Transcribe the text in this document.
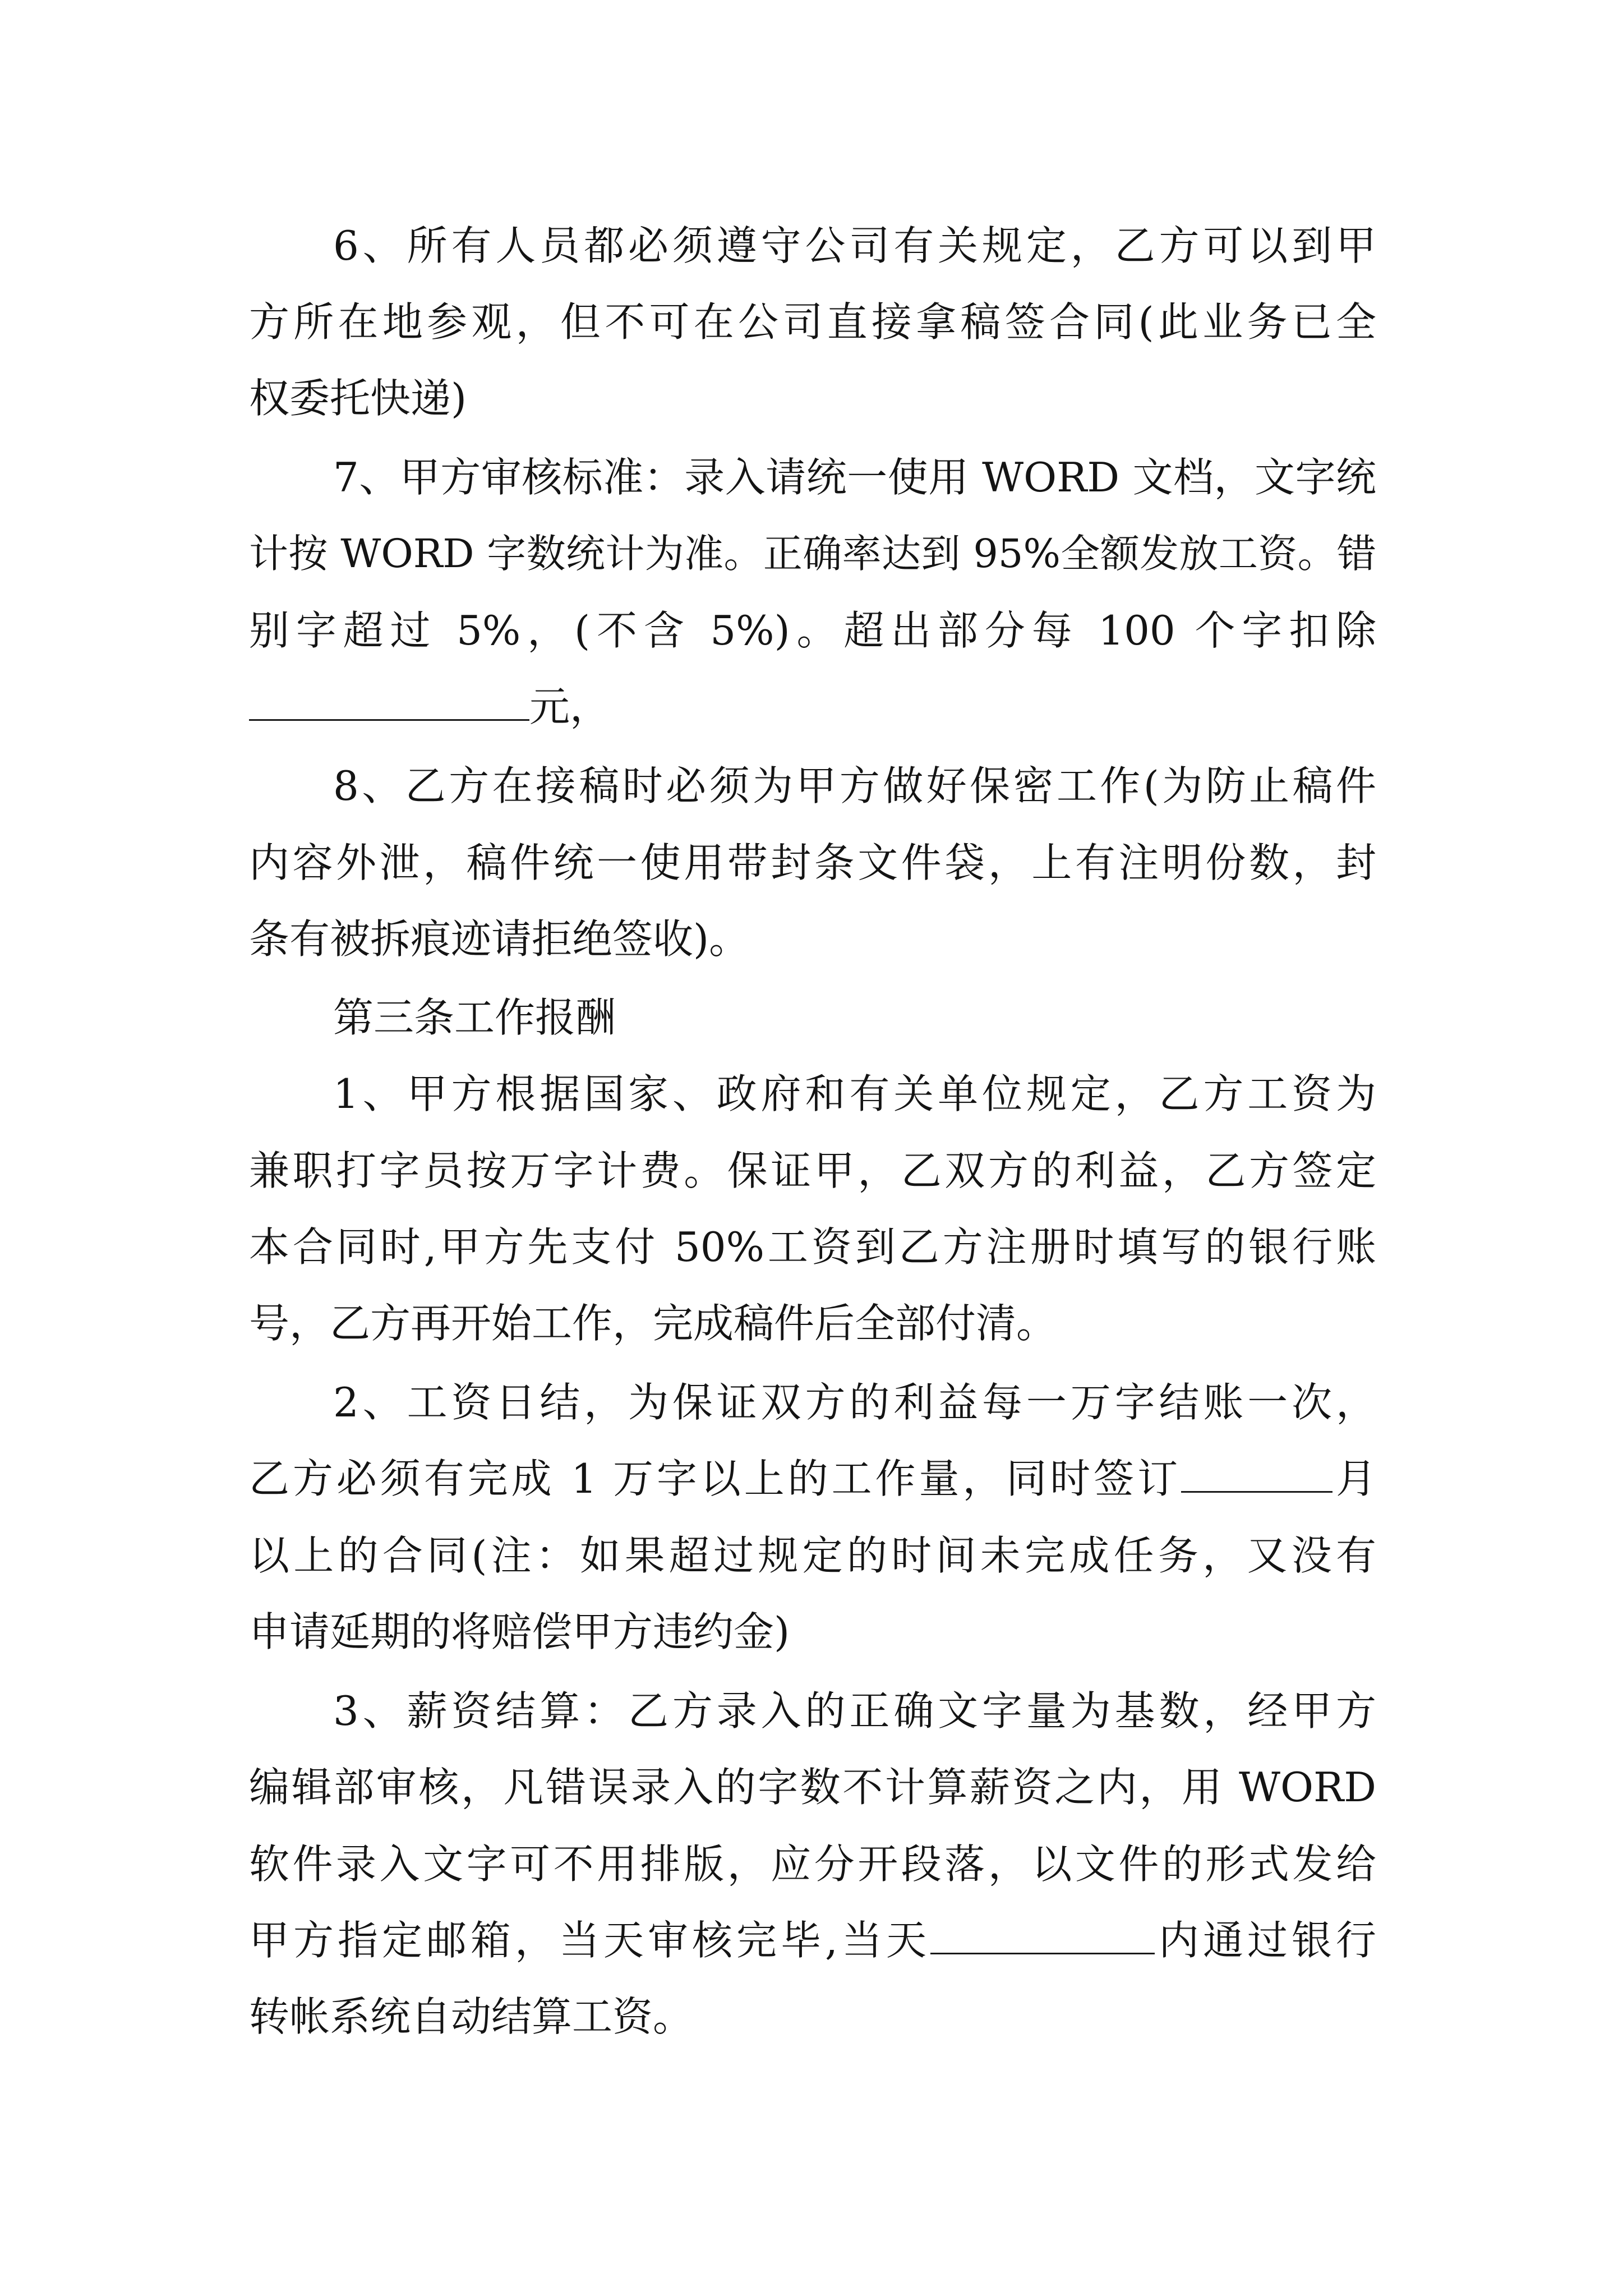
6、所有人员都必须遵守公司有关规定，乙方可以到甲
方所在地参观，但不可在公司直接拿稿签合同(此业务已全
权委托快递)
7、甲方审核标准：录入请统一使用 WORD 文档，文字统
计按 WORD 字数统计为准。正确率达到 95%全额发放工资。错
别字超过 5%，(不含 5%)。超出部分每 100 个字扣除
元，
8、乙方在接稿时必须为甲方做好保密工作(为防止稿件
内容外泄，稿件统一使用带封条文件袋，上有注明份数，封
条有被拆痕迹请拒绝签收)。
第三条工作报酬
1、甲方根据国家、政府和有关单位规定，乙方工资为
兼职打字员按万字计费。保证甲，乙双方的利益，乙方签定
本合同时,甲方先支付 50%工资到乙方注册时填写的银行账
号，乙方再开始工作，完成稿件后全部付清。
2、工资日结，为保证双方的利益每一万字结账一次，
乙方必须有完成 1 万字以上的工作量，同时签订	月
以上的合同(注：如果超过规定的时间未完成任务，又没有
申请延期的将赔偿甲方违约金)
3、薪资结算：乙方录入的正确文字量为基数，经甲方
编辑部审核，凡错误录入的字数不计算薪资之内，用 WORD
软件录入文字可不用排版，应分开段落，以文件的形式发给
甲方指定邮箱，当天审核完毕,当天	内通过银行
转帐系统自动结算工资。
